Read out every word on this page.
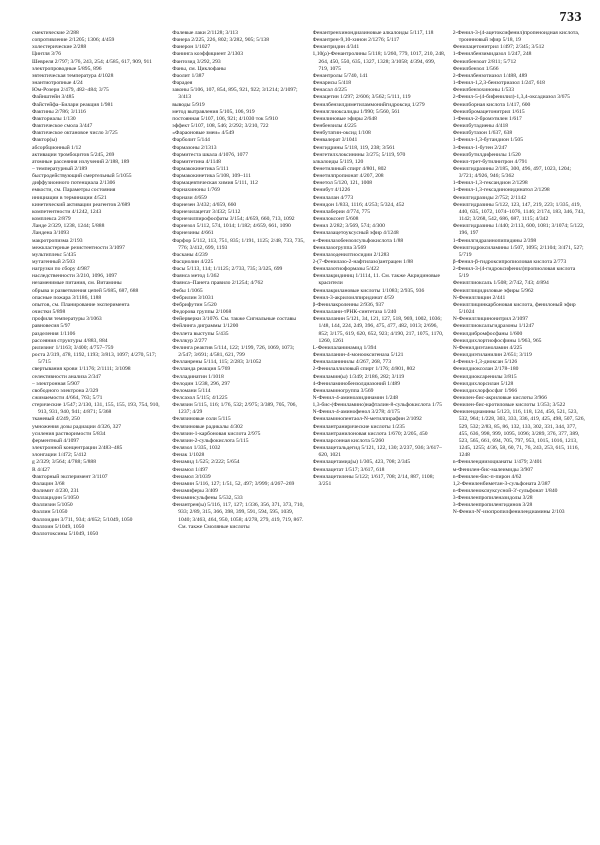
733

смектические 2/288

сопротивление 2/1205; 1306; 4/459

холестерические 2/288

Цинтля 3/76

Шевреля 2/797; 3/76, 243, 254; 4/585, 617, 909, 911

электропроводные 5/895, 896

эвтектическая температура 4/1028

энантиотропные 4/24

Юм-Розери 2/479, 482–484; 3/75

Файнштейн 3/485

Файстейфа–Билари реакция 1/981

Фактины 2/786; 3/1116

Факториалы 1/130

Фактическое смола 3/447

Фактическое октановое число 3/725

Фактор(ы)

абсорбционный 1/12

активации тромбоцитов 5/245, 269

атомные рассеяния излучений 2/188, 189

– температурный 2/189

быстродействующий смертельный 5/1055

диффузионного потенциала 2/1306

емкости, см. Параметры состояния

инициации в терминации 4/521

кинетический активации реагентов 2/689

компетентности 4/1242, 1243

комплекса 2/879

Ланде 2/329, 1238, 1244; 5/888

Ландена 3/1093

макротропизма 2/193

межкластерные резистентности 3/1097

мультиплекс 5/435

мутагенный 2/503

нагрузки по сбору 4/987

наследственности 3/210, 1096, 1097

незаменимые питания, см. Витамины

обрыва и разветвления цепей 5/685, 687, 688

опасные пожара 3/1186, 1188

опытов, см. Планирование эксперимента

очистки 5/898

профиля температуры 3/1063

равновесия 5/97

разделения 1/1106

рассеяния структуры 4/883, 884

рилизинг 1/1163; 3/400; 4/757–759

роста 2/319, 478, 1192, 1193; 3/813, 1097; 4/270, 517; 5/715

свертывания крови 1/1176; 2/1111; 3/1098

селективности анализа 2/347

– электронная 5/907

свободного электрона 2/329

сжимаемости 4/664, 763; 5/71

стерические 1/547; 2/130, 131, 155, 155, 193, 754, 910, 913, 931, 940, 941; 4/871; 5/368

тканевый 4/249, 250

умножения дозы радиации 4/326, 327

усиления растворимости 5/834

ферментный 4/1097

электронной концентрации 2/483–485

элонгации 1/472; 5/412

g 2/329; 3/564; 4/788; 5/888

R 4/427

Факторный эксперимент 3/1107

Фалацин 3/68

Фалимит 4/230, 231

Фаллацидин 5/1050

Фаллизин 5/1050

Фаллин 5/1050

Фаллоидин 3/711, 934; 4/652; 5/1049, 1050

Фаллоин 5/1049, 1050

Фаллотоксины 5/1049, 1050

Фалевые лаки 2/1128; 3/113

Фанера 2/225, 226, 802; 3/282, 905; 5/138

Фанерон 1/1027

Фанинга коэффициент 2/1303

Фантозид 3/292, 293

Фаны, см. Циклофаны

Фаолит 1/387

Фарадея

законы 5/106, 107, 854, 895, 921, 922; 3/1214; 2/1097; 3/413

выводы 5/919

метод вытравления 5/105, 106, 919

постоянная 5/107, 106, 921; 4/1030 ток 5/910

эффект 5/107, 108, 546; 2/292; 3/210, 722

«Фараоновые змеи» 4/549

Фарболит 5/144

Фармазоны 2/1313

Фармитеста шкала 4/1076, 1077

Фармитетина 4/1148

Фармакокинетика 5/111

Фармакокинетика 5/108, 109–111

Фармацевтическая химия 5/111, 112

Фарнахиноны 1/769

Фарнази 4/659

Фарнезен 3/432; 4/659, 660

Фарнезилацетат 3/432; 5/112

Фарнезилпирофосфаты 3/154; 4/659, 660, 713, 1092

Фарнезол 5/112, 574, 1014; 1/182; 4/659, 661, 1090

Фарнезины 4/661

Фарфор 5/112, 113, 751, 835; 1/191, 1125; 2/48, 733, 735, 776; 3/412, 699, 1193

Фасканы 4/239

Фасциолин 4/225

Фасы 5/113, 114; 1/1125; 2/733, 735; 3/325, 699

Фаянса метод 1/362

Фаянса–Панета правило 2/1254; 4/762

Фебы 1/1065

Фебрилин 3/1031

Фебрифутин 5/520

Федорова группы 2/1068

Фейерверки 3/1076. См. также Сигнальные составы

Фейлинга диграммы 1/1200

Феллета выступы 5/435

Феллкур 2/277

Фелинга реактив 5/114, 122; 1/199, 726, 1069, 1073; 2/547; 3/691; 4/581, 621, 799

Фелланрены 5/114, 115; 2/283; 3/1052

Фелланда реакция 5/769

Фелладинатин 1/1018

Фелодин 1/238, 296, 297

Феломани 5/114

Фелсахол 5/115; 4/1225

Фелязин 5/115, 116; 1/76, 532; 2/975; 3/389, 705, 706, 1237; 4/29

Фелязиновые соли 5/115

Фелязиновые радикалы 4/302

Фелязин-1-карбоновая кислота 2/975

Фелязин-2-сульфокислота 5/115

Фелязол 1/335, 1032

Фенак 1/1028

Фенамид 1/525; 2/222; 5/654

Фенамол 1/497

Фенамол 3/1039

Фенамин 5/116, 127; 1/51, 52, 497; 3/999; 4/267–269

Фенамиферы 3/409

Фенаминсульфены 5/532, 533

Фенантрен(ы) 5/116, 117, 127; 1/336, 356, 371, 373, 710, 933; 2/89, 315, 366, 398, 399, 591, 594, 595, 1039, 1040; 3/463, 464, 950, 1058; 4/278, 279, 419, 719, 867. См. также Смоляные кислоты

Фенантренхинондиазиновые алкалоиды 5/117, 118

Фенантрен-9,10-хинон 2/1276; 5/117

Фенантридин 4/341

1,10(ρ)-Фенантролины 5/118; 1/260, 779, 1017, 210, 248, 264, 450, 550, 635, 1327, 1328; 3/1058; 4/394, 699, 719, 1075

Фенантролы 5/740, 141

Фенарисы 5/418

Фенасал 4/225

Фенацетин 1/297; 2/606; 3/562; 5/111, 119

Фенилбензилдиметиламмонийгидроксид 1/279

Фенилглиоксалиды 1/990; 5/560, 561

Фенилиновые эфиры 2/648

Фенбензилы 4/225

Фенбутатин-оксид 1/108

Фенвалерат 3/1041

Фенгидрины 5/118, 119, 238; 3/561

Фенгетилхлоксинины 3/275; 5/119, 970

алкалоиды 5/119, 120

Фенетилиный спирт 4/801, 802

Фенетилпропионат 4/207, 208

Фенетол 5/120, 121, 1008

Фенибут 4/1226

Фенилалан 4/773

Фенидон 1/833, 1116; 4/253; 5/324, 452

Фенилаберии 4/774, 775

Фенилоксонт 5/608

Фенил 2/282; 3/569, 574; 4/300

Фенилазацетоуксусный эфир 4/1248

н-Фенилазобензолсульфокислота 1/88

Фенилазогруппа 3/569

Фенилазоденилтиосидии 2/1283

2-(7-Фенилазо-2-нафтилазо)антрацен 1/88

Фенилазотиоформазы 5/422

Фенилакридиниц 1/1114, 11. См. также Акридиновые красители

Фенилакрилановые кислоты 1/1083; 2/935, 936

Фенил-3-акрилоилпиридинат 4/59

β-Фенилакролеины 2/936, 937

Фенилалани-тРНК-синтетаза 1/240

Фенилаланин 5/121, 34, 121, 127, 518, 969, 1002, 1036; 1/48, 144, 224, 249, 396, 475, 477, 482, 1013; 2/696, 852; 3/175, 619, 620, 652, 923; 4/190, 217, 1075, 1170, 1260, 1261

L-Фенилаланинамид 1/394

Фенилаланин-4-монооксигеназа 5/121

Фенилаланинилы 4/267, 268, 773

2-Фенилаллиловый спирт 1/176; 4/801, 802

Фениламин(ы) 1/349; 2/186, 282; 3/119

4-Фениламинобензолдиазоний 1/489

Фениламиногруппа 3/569

N-Фенил-4-аминоазидинамин 1/248

1,3-бис-(Фениламино)нафталин-8-сульфокислота 1/75

N-Фенил-4-аминофенол 3/278; 4/175

Фениламинопентаол-N-метилпирафин 2/1092

Фенилантранирические кислоты 1/235

Фенилантранилоновая кислота 1/670; 2/205, 450

Фениларсонная кислота 5/260

Фенилацетальдегид 5/121, 122, 130; 2/237, 936; 3/617–620, 1021

Фенилацетамид(ы) 1/305, 423, 708; 2/345

Фенилацетат 1/517; 3/617, 618

Фенилацетилены 5/122; 1/617, 708; 2/14, 887, 1108; 3/251

2-Фенил-3-(4-ацетоксифенил)пропеноидная кислота, троинновый эфир 5/18, 19

Фенилацетонитрил 1/497; 2/345; 3/512

1-Фенилбензимидазол 1/247, 248

Фенилбензоат 2/811; 5/712

Фенилбензол 1/566

2-Фенилбензотиазол 1/488, 489

1-Фенил-1,2,3-бензотриазол 1/247, 618

Фенилбензохиноны 1/533

2-Фенил-5-(4-бифенилил)-1,3,4-оксадиазол 3/675

Фенилборная кислота 1/417, 600

Фенилбромацетонитрил 1/615

1-Фенил-2-бромэтилен 1/617

Фенилбутадиены 4/418

Фенилбутазон 1/637, 638

1-Фенил-1,3-бутандион 1/505

3-Фенил-1-бутен 2/247

Фенилбутилдифенилы 1/520

Фенил-трет-бутилнитрон 4/791

Фенилгидразины 2/185, 300, 496, 497, 1023, 1204; 3/721; 4/926, 946; 5/362

1-Фенил-1,3-гександион 2/1298

1-Фенил-1,3-гексадинонидинатол 2/1298

Фенилгидразиды 2/752; 2/1142

Фенилгидразины 5/122, 123, 147, 219, 223; 1/335, 419, 440, 635, 1072, 1074–1076, 1146; 2/174, 183, 346, 743, 1142; 3/268, 542, 686, 687, 1115; 4/342

Фенилгидразины 1/440; 2/113, 600, 1081; 3/1074; 5/122, 196, 197

1-Фенилгидразинопипидины 2/398

Фенилгидроксиламины 1/507, 1095; 2/1104; 3/471, 527; 5/719

β-Фенил-β-гидроксипропиоловая кислота 2/773

2-Фенил-3-(4-гидроксифенил)пропиоловая кислота 5/19

Фенилглиоксаль 1/508; 2/742, 743; 4/894

Фенилглицидиловые эфиры 5/962

N-Фенилглицин 2/441

Фенилглицинкарбоновая кислота, фенилоный эфир 5/1024

N-Фенилглицинонитрил 2/1097

Фенилглиоксальгидразоны 1/1247

Фенилдибромфосфаны 1/600

Фенилдихлортиофосфины 1/963, 965

N-Фенилдиэтаноламин 4/225

Фенилдиэтиланилин 2/651; 3/119

4-Фенил-1,3-диоксан 5/126

Фенилдиоксолан 2/178–180

Фенилдиоксаренилы 3/815

Фенилдихлорсилан 5/128

Фенилдихлорфосфат 1/966

Фенилен-бис-акриловые кислоты 3/966

Фенилен-бис-кротиловые кислоты 1/353; 3/522

Фенилендиамины 5/123, 116, 118, 124, 456, 521, 523, 532, 964; 1/228, 303, 333, 336, 419, 425, 498, 507, 526, 529, 532; 2/83, 85, 86, 132, 133, 302, 331, 344, 377, 455, 636, 998, 999, 1095, 1096; 3/289, 376, 377, 389, 523, 565, 661, 694, 705, 797, 953, 1015, 1016, 1213, 1245, 1255; 4/36, 58, 60, 71, 76, 243, 253, 615, 1116, 1248

n-Фенилендиизоцианаты 1/479; 2/401

м-Фенилен-бис-малеимиды 3/907

n-Фенилен-бис-п-пирон 4/62

1,2-Фениленбиметан-3-сульфоната 2/387

n-Фениленоксиуксусной-3'-сульфонат 1/840

3-Фениленпропиленазидолы 3/28

3-Фениленпропиленгидинов 3/28

N-Фенил-N'-изопропилфенилендиамины 2/103
